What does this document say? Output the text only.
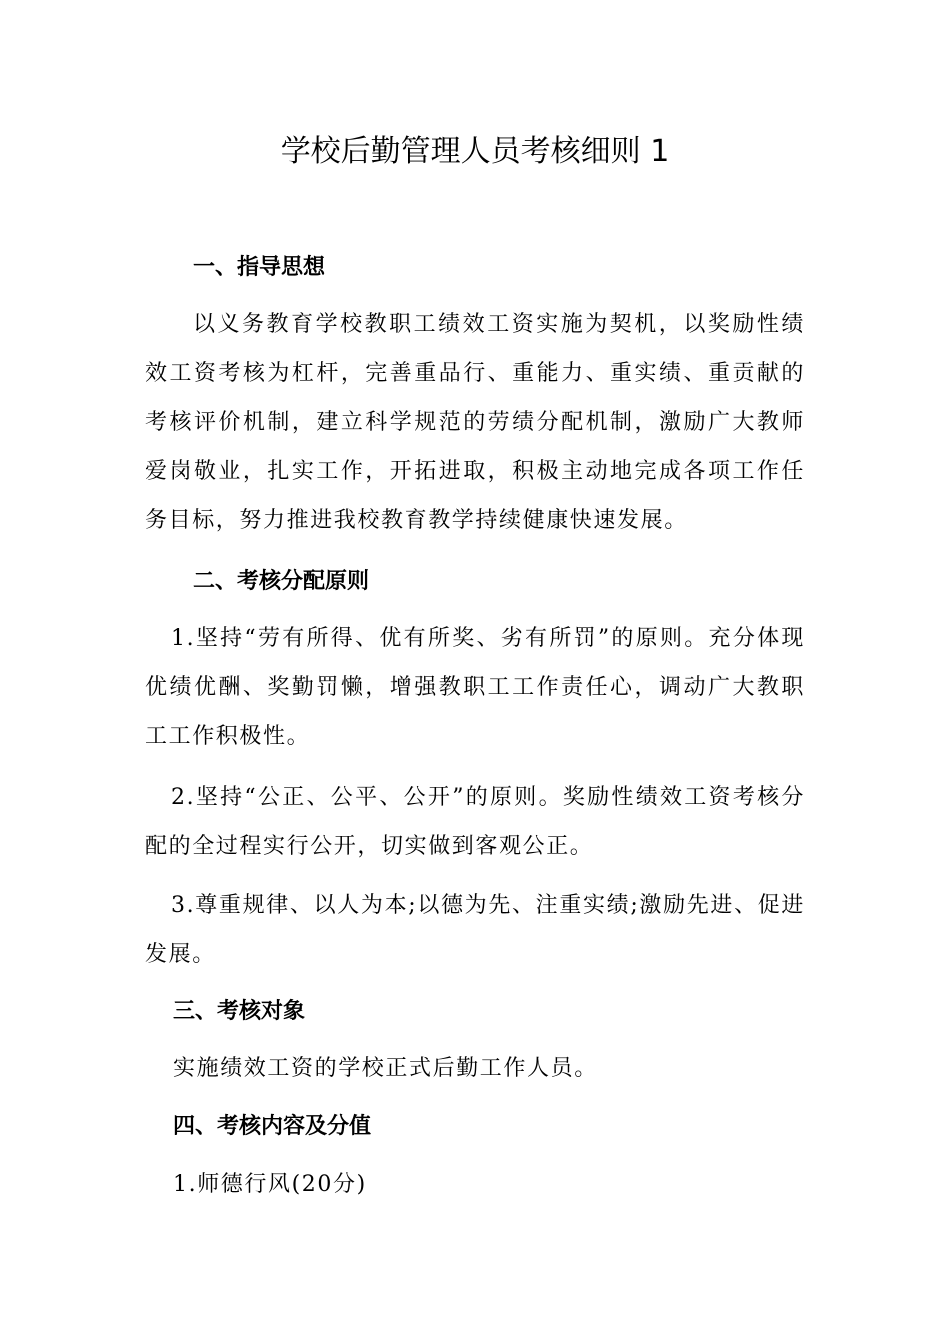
学校后勤管理人员考核细则 1
一、指导思想

以义务教育学校教职工绩效工资实施为契机，以奖励性绩效工资考核为杠杆，完善重品行、重能力、重实绩、重贡献的考核评价机制，建立科学规范的劳绩分配机制，激励广大教师爱岗敬业，扎实工作，开拓进取，积极主动地完成各项工作任务目标，努力推进我校教育教学持续健康快速发展。

二、考核分配原则

1.坚持“劳有所得、优有所奖、劣有所罚”的原则。充分体现优绩优酬、奖勤罚懒，增强教职工工作责任心，调动广大教职工工作积极性。

2.坚持“公正、公平、公开”的原则。奖励性绩效工资考核分配的全过程实行公开，切实做到客观公正。

3.尊重规律、以人为本;以德为先、注重实绩;激励先进、促进发展。

三、考核对象

实施绩效工资的学校正式后勤工作人员。

四、考核内容及分值

1.师德行风(20分)
